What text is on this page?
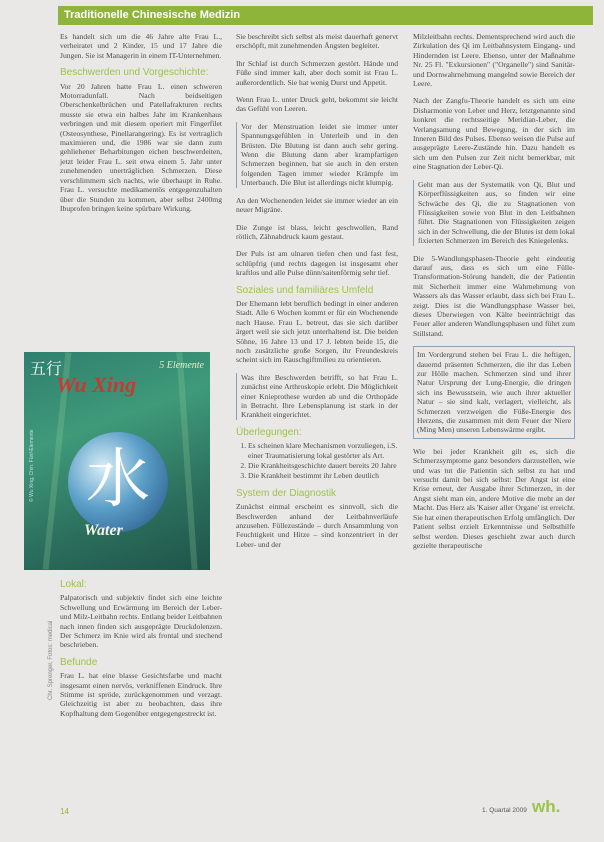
Traditionelle Chinesische Medizin
Chr. Sprenger, Fotos: medical

Es handelt sich um die 46 Jahre alte Frau L., verheiratet und 2 Kinder, 15 und 17 Jahre die Jungen. Sie ist Managerin in einem IT-Unternehmen.

Beschwerden und Vorgeschichte:

Vor 20 Jahren hatte Frau L. einen schweren Motorradunfall. Nach beidseitigen Oberschenkelbrüchen und Patellafrakturen rechts musste sie etwa ein halbes Jahr im Krankenhaus verbringen und mit diesem operiert mit Fingerfilet (Osteosynthese, Pinellarangering). Es ist vertraglich maximieren und, die 1986 war sie dann zum gehliehener Beharbitungen eichen beschwerdeiten, jetzt leider Frau L. seit etwa einem 5. Jahr unter zunehmenden unerträglichen Schmerzen. Diese verschlimmern sich nachts, wie überhaupt in Ruhe. Frau L. versuchte medikamentös entgegenzuhalten über die Stunden zu kommen, aber selbst 2400mg Ibuprofen bringen keine spürbare Wirkung.

五行	5 Elemente
Wu Xing
水
Water
© Wu Xing, Chin. Fünf-Elemente
Lokal:

Palpatorisch und subjektiv findet sich eine leichte Schwellung und Erwärmung im Bereich der Leber- und Milz-Leitbahn rechts. Entlang beider Leitbahnen nach innen finden sich ausgeprägte Druckdolenzen. Der Schmerz im Knie wird als frontal und stechend beschrieben.

Befunde

Frau L. hat eine blasse Gesichtsfarbe und macht insgesamt einen nervös, verkniffenen Eindruck. Ihre Stimme ist spröde, zurückgenommen und verzagt. Gleichzeitig ist aber zu beobachten, dass ihre Kopfhaltung dem Gegenüber entgegengestreckt ist.

Sie beschreibt sich selbst als meist dauerhaft genervt erschöpft, mit zunehmenden Ängsten begleitet.

Ihr Schlaf ist durch Schmerzen gestört. Hände und Füße sind immer kalt, aber doch somit ist Frau L. außerordentlich. Sie hat wenig Durst und Appetit.

Wenn Frau L. unter Druck geht, bekommt sie leicht das Gefühl von Leeren.

Vor der Menstruation leidet sie immer unter Spannungsgefühlen in Unterleib und in den Brüsten. Die Blutung ist dann auch sehr gering. Wenn die Blutung dann aber krampfartigen Schmerzen beginnen, hat sie auch in den ersten folgenden Tagen immer wieder Krämpfe im Unterbauch. Die Blut ist allerdings nicht klumpig.

An den Wochenenden leidet sie immer wieder an ein neuer Migräne.

Die Zunge ist blass, leicht geschwollen, Rand rötlich, Zähnabdruck kaum gestaut.

Der Puls ist am ulnaren tiefen chen und fast fest, schlüpfrig (und rechts dagegen ist insgesamt eher kraftlos und alle Pulse dünn/saitenförmig sehr tief.

Soziales und familiäres Umfeld

Der Ehemann lebt beruflich bedingt in einer anderen Stadt. Alle 6 Wochen kommt er für ein Wochenende nach Hause. Frau L. betreut, das sie sich darüber ärgert weil sie sich jetzt unterhaltend ist. Die beiden Söhne, 16 Jahre 13 und 17 J. lebten beide 15, die noch zusätzliche große Sorgen, ihr Freundeskreis scheint sich im Rauschgiftmilieu zu orientieren.

Was ihre Beschwerden betrifft, so hat Frau L. zunächst eine Arthroskopie erlebt. Die Möglichkeit einer Knieprothese wurden ab und die Orthopäde in Betracht. Ihre Lebensplanung ist stark in der Krankheit eingerichtet.

Überlegungen:
1. Es scheinen klare Mechanismen vorzuliegen, i.S. einer Traumatisierung lokal gestörter als Art.
2. Die Krankheitsgeschichte dauert bereits 20 Jahre
3. Die Krankheit bestimmt ihr Leben deutlich
System der Diagnostik

Zunächst einmal erscheint es sinnvoll, sich die Beschwerden anhand der Leitbahnverläufe anzusehen. Füllezustände – durch Ansammlung von Feuchtigkeit und Hitze – sind konzentriert in der Leber- und der

Milzleitbahn rechts. Dementsprechend wird auch die Zirkulation des Qi im Leitbahnsystem Eingang- und Hindernden ist Leere. Ebenso, unter der Maßnahme Nr. 25 Fl. "Exkursionen" ("Organelle") sind Sanitär- und Dornwahrnehmung mangelnd sowie Bereich der Leere.

Nach der Zangfu-Theorie handelt es sich um eine Disharmonie von Leber und Herz, letztgenannte sind konkret die rechtsseitige Meridian-Leber, die Verlangsamung und Bewegung, in der sich im Inneren Bild des Pulses. Ebenso weisen die Pulse auf ausgeprägte Leere-Zustände hin. Dazu handelt es sich um den Pulsen zur Zeit nicht bemerkbar, mit eine Stagnation der Leber-Qi.

Geht man aus der Systematik von Qi, Blut und Körperflüssigkeiten aus, so finden wir eine Schwäche des Qi, die zu Stagnationen von Flüssigkeiten sowie von Blut in den Leitbahnen führt. Die Stagnationen von Flüssigkeiten zeigen sich in der Schwellung, die der Blutes ist dem lokal fixierten Schmerzen im Bereich des Kniegelenks.

Die 5-Wandlungsphasen-Theorie geht eindeutig darauf aus, dass es sich um eine Fülle-Transformation-Störung handelt, die der Patientin mit Sicherheit immer eine Wahrnehmung von Wassers als das Wasser erlaubt, dass sich bei Frau L. zeigt. Dies ist die Wandlungsphase Wasser bei, dieses Überwiegen von Kälte beeinträchtigt das Feuer aller anderen Wandlungsphasen und führt zum Stillstand.

Im Vordergrund stehen bei Frau L. die heftigen, dauernd präsenten Schmerzen, die ihr das Leben zur Hölle machen. Schmerzen sind und ihrer Natur Ursprung der Lung-Energie, die dringen sich ins Bewusstsein, wie auch ihrer aktueller Natur – sie sind kalt, verlagert, vielleicht, als Schmerzen verzweigen die Füße-Energie des Herzens, die zusammen mit dem Feuer der Niere (Ming Men) unseren Lebenswärme ergibt.

Wie bei jeder Krankheit gilt es, sich die Schmerzsymptome ganz besonders darzustellen, wie und was tut die Patientin sich selbst zu hat und versucht damit bei sich selbst: Der Angst ist eine Krise erneut, der Ausgabe ihrer Schmerzen, in der Angst sieht man ein, andere Motive die mehr an der Macht. Das Herz als 'Kaiser aller Organe' ist erreicht. Sie hat einen therapeutischen Erfolg umfänglich. Der Patient selbst erzielt Erkenntnisse und Selbsthilfe selbst werden. Dieses geschieht zwar auch durch gezielte therapeutische

14	1. Quartal 2009 wh.
